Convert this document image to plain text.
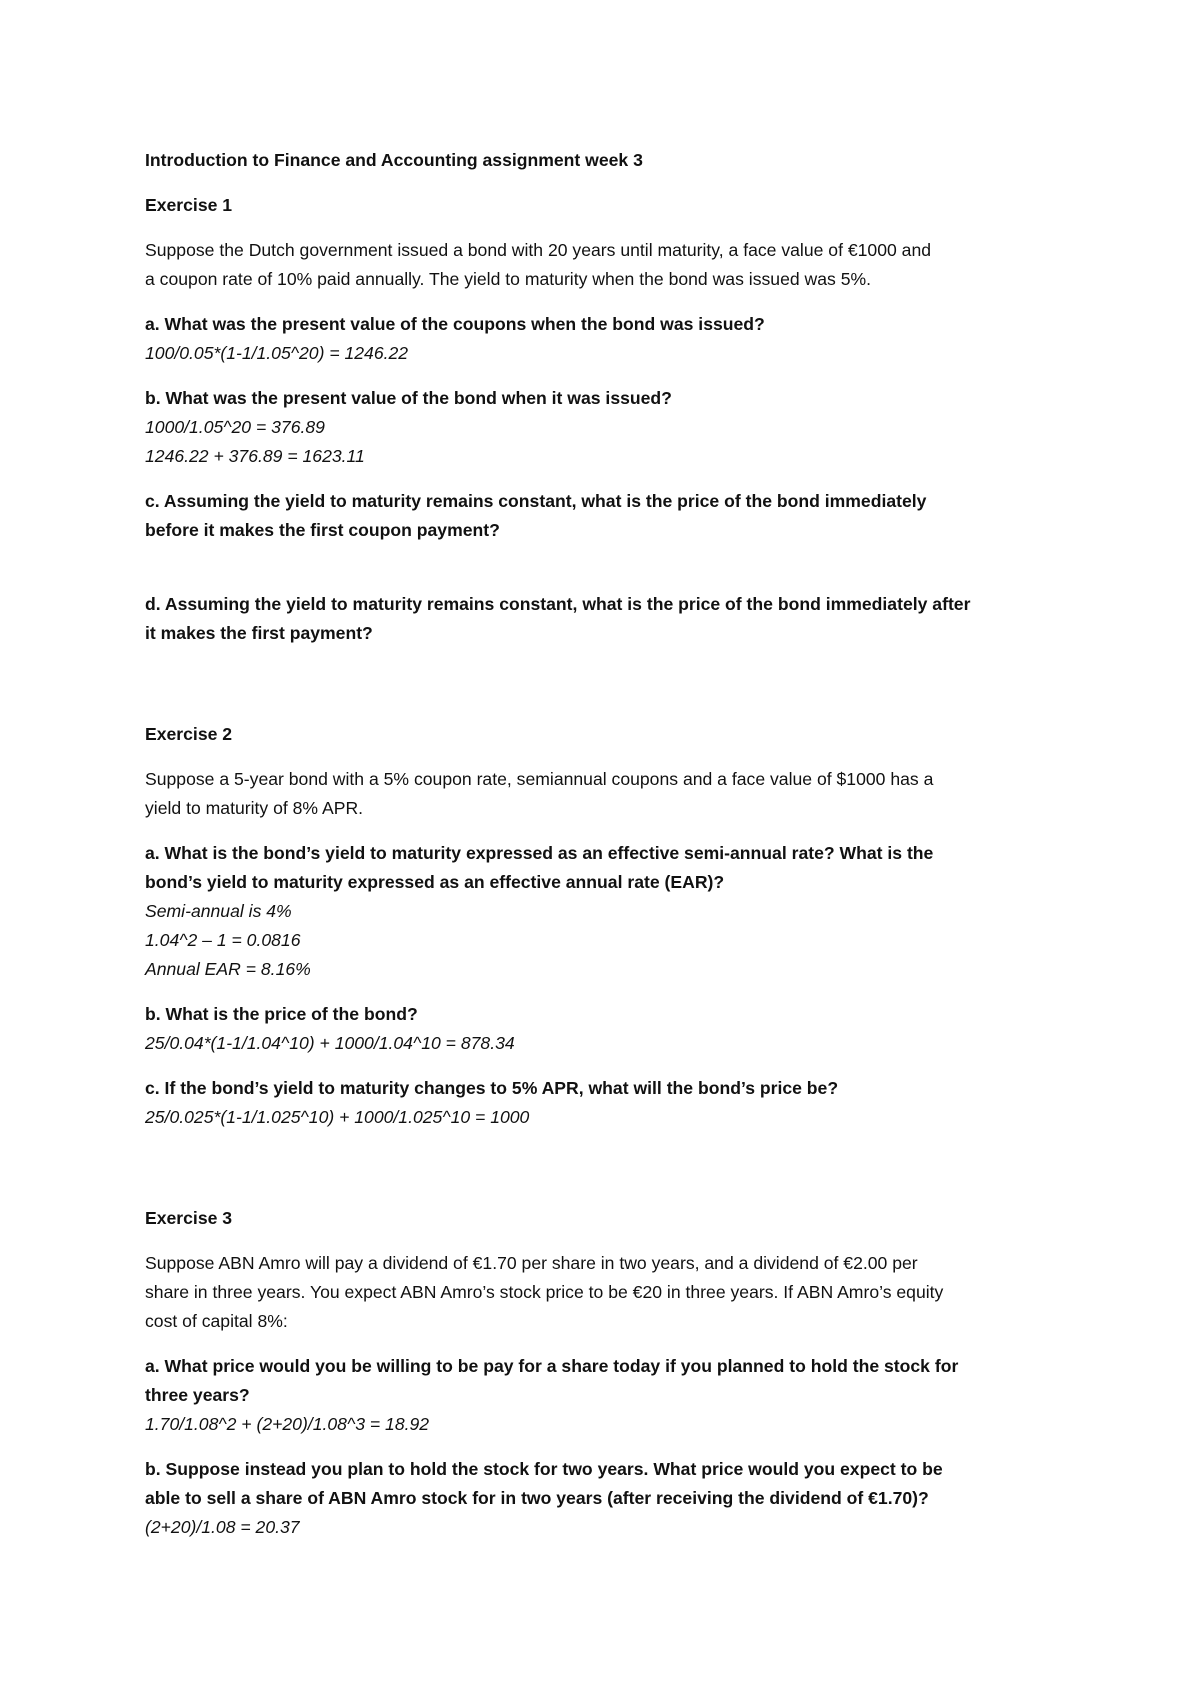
Introduction to Finance and Accounting assignment week 3

Exercise 1

Suppose the Dutch government issued a bond with 20 years until maturity, a face value of €1000 and

a coupon rate of 10% paid annually. The yield to maturity when the bond was issued was 5%.

a. What was the present value of the coupons when the bond was issued?

100/0.05*(1-1/1.05^20) = 1246.22

b. What was the present value of the bond when it was issued?

1000/1.05^20 = 376.89

1246.22 + 376.89 = 1623.11

c. Assuming the yield to maturity remains constant, what is the price of the bond immediately

before it makes the first coupon payment?

d. Assuming the yield to maturity remains constant, what is the price of the bond immediately after

it makes the first payment?

Exercise 2

Suppose a 5-year bond with a 5% coupon rate, semiannual coupons and a face value of $1000 has a

yield to maturity of 8% APR.

a. What is the bond’s yield to maturity expressed as an effective semi-annual rate? What is the

bond’s yield to maturity expressed as an effective annual rate (EAR)?

Semi-annual is 4%

1.04^2 – 1 = 0.0816

Annual EAR = 8.16%

b. What is the price of the bond?

25/0.04*(1-1/1.04^10) + 1000/1.04^10 = 878.34

c. If the bond’s yield to maturity changes to 5% APR, what will the bond’s price be?

25/0.025*(1-1/1.025^10) + 1000/1.025^10 = 1000

Exercise 3

Suppose ABN Amro will pay a dividend of €1.70 per share in two years, and a dividend of €2.00 per

share in three years. You expect ABN Amro’s stock price to be €20 in three years. If ABN Amro’s equity

cost of capital 8%:

a. What price would you be willing to be pay for a share today if you planned to hold the stock for

three years?

1.70/1.08^2 + (2+20)/1.08^3 = 18.92

b. Suppose instead you plan to hold the stock for two years. What price would you expect to be

able to sell a share of ABN Amro stock for in two years (after receiving the dividend of €1.70)?

(2+20)/1.08 = 20.37
